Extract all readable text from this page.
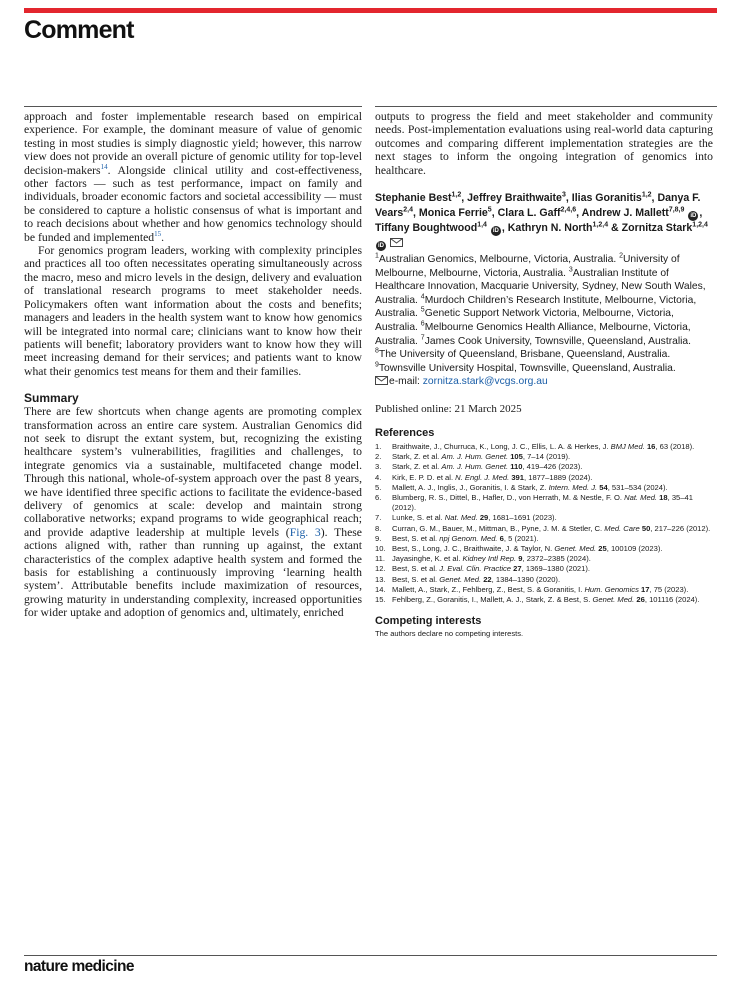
Comment

approach and foster implementable research based on empirical experience. For example, the dominant measure of value of genomic testing in most studies is simply diagnostic yield; however, this narrow view does not provide an overall picture of genomic utility for top-level decision-makers$^{14}$. Alongside clinical utility and cost-effectiveness, other factors — such as test performance, impact on family and individuals, broader economic factors and societal accessibility — must be considered to capture a holistic consensus of what is important and to reach decisions about whether and how genomics technology should be funded and implemented$^{15}$.

For genomics program leaders, working with complexity principles and practices all too often necessitates operating simultaneously across the macro, meso and micro levels in the design, delivery and evaluation of translational research programs to meet stakeholder needs. Policymakers often want information about the costs and benefits; managers and leaders in the health system want to know how genomics will be integrated into normal care; clinicians want to know how their patients will benefit; laboratory providers want to know how they will meet increasing demand for their services; and patients want to know what their genomics test means for them and their families.

Summary

There are few shortcuts when change agents are promoting complex transformation across an entire care system. Australian Genomics did not seek to disrupt the extant system, but, recognizing the existing healthcare system’s vulnerabilities, fragilities and challenges, to integrate genomics via a sustainable, multifaceted change model. Through this national, whole-of-system approach over the past 8 years, we have identified three specific actions to facilitate the evidence-based delivery of genomics at scale: develop and maintain strong collaborative networks; expand programs to wide geographical reach; and provide adaptive leadership at multiple levels (Fig. 3). These actions aligned with, rather than running up against, the extant characteristics of the complex adaptive health system and formed the basis for establishing a continuously improving ‘learning health system’. Attributable benefits include maximization of resources, growing maturity in understanding complexity, increased opportunities for wider uptake and adoption of genomics and, ultimately, enriched

outputs to progress the field and meet stakeholder and community needs. Post-implementation evaluations using real-world data capturing outcomes and comparing different implementation strategies are the next stages to inform the ongoing integration of genomics into healthcare.

Stephanie Best$^{1,2}$, Jeffrey Braithwaite$^3$, Ilias Goranitis$^{1,2}$, Danya F. Vears$^{2,4}$, Monica Ferrie$^5$, Clara L. Gaff$^{2,4,6}$, Andrew J. Mallett$^{7,8,9}$ iD , Tiffany Boughtwood$^{1,4}$ iD , Kathryn N. North$^{1,2,4}$ & Zornitza Stark$^{1,2,4}$ iD

$^1$Australian Genomics, Melbourne, Victoria, Australia. $^2$University of Melbourne, Melbourne, Victoria, Australia. $^3$Australian Institute of Healthcare Innovation, Macquarie University, Sydney, New South Wales, Australia. $^4$Murdoch Children’s Research Institute, Melbourne, Victoria, Australia. $^5$Genetic Support Network Victoria, Melbourne, Victoria, Australia. $^6$Melbourne Genomics Health Alliance, Melbourne, Victoria, Australia. $^7$James Cook University, Townsville, Queensland, Australia. $^8$The University of Queensland, Brisbane, Queensland, Australia. $^9$Townsville University Hospital, Townsville, Queensland, Australia.

e-mail: zornitza.stark@vcgs.org.au

Published online: 21 March 2025

References
1.	Braithwaite, J., Churruca, K., Long, J. C., Ellis, L. A. & Herkes, J. BMJ Med. 16, 63 (2018).
2.	Stark, Z. et al. Am. J. Hum. Genet. 105, 7–14 (2019).
3.	Stark, Z. et al. Am. J. Hum. Genet. 110, 419–426 (2023).
4.	Kirk, E. P. D. et al. N. Engl. J. Med. 391, 1877–1889 (2024).
5.	Mallett, A. J., Inglis, J., Goranitis, I. & Stark, Z. Intern. Med. J. 54, 531–534 (2024).
6.	Blumberg, R. S., Dittel, B., Hafler, D., von Herrath, M. & Nestle, F. O. Nat. Med. 18, 35–41 (2012).
7.	Lunke, S. et al. Nat. Med. 29, 1681–1691 (2023).
8.	Curran, G. M., Bauer, M., Mittman, B., Pyne, J. M. & Stetler, C. Med. Care 50, 217–226 (2012).
9.	Best, S. et al. npj Genom. Med. 6, 5 (2021).
10. Best, S., Long, J. C., Braithwaite, J. & Taylor, N. Genet. Med. 25, 100109 (2023).
11. Jayasinghe, K. et al. Kidney Intl Rep. 9, 2372–2385 (2024).
12. Best, S. et al. J. Eval. Clin. Practice 27, 1369–1380 (2021).
13. Best, S. et al. Genet. Med. 22, 1384–1390 (2020).
14. Mallett, A., Stark, Z., Fehlberg, Z., Best, S. & Goranitis, I. Hum. Genomics 17, 75 (2023).
15. Fehlberg, Z., Goranitis, I., Mallett, A. J., Stark, Z. & Best, S. Genet. Med. 26, 101116 (2024).
Competing interests

The authors declare no competing interests.

nature medicine
